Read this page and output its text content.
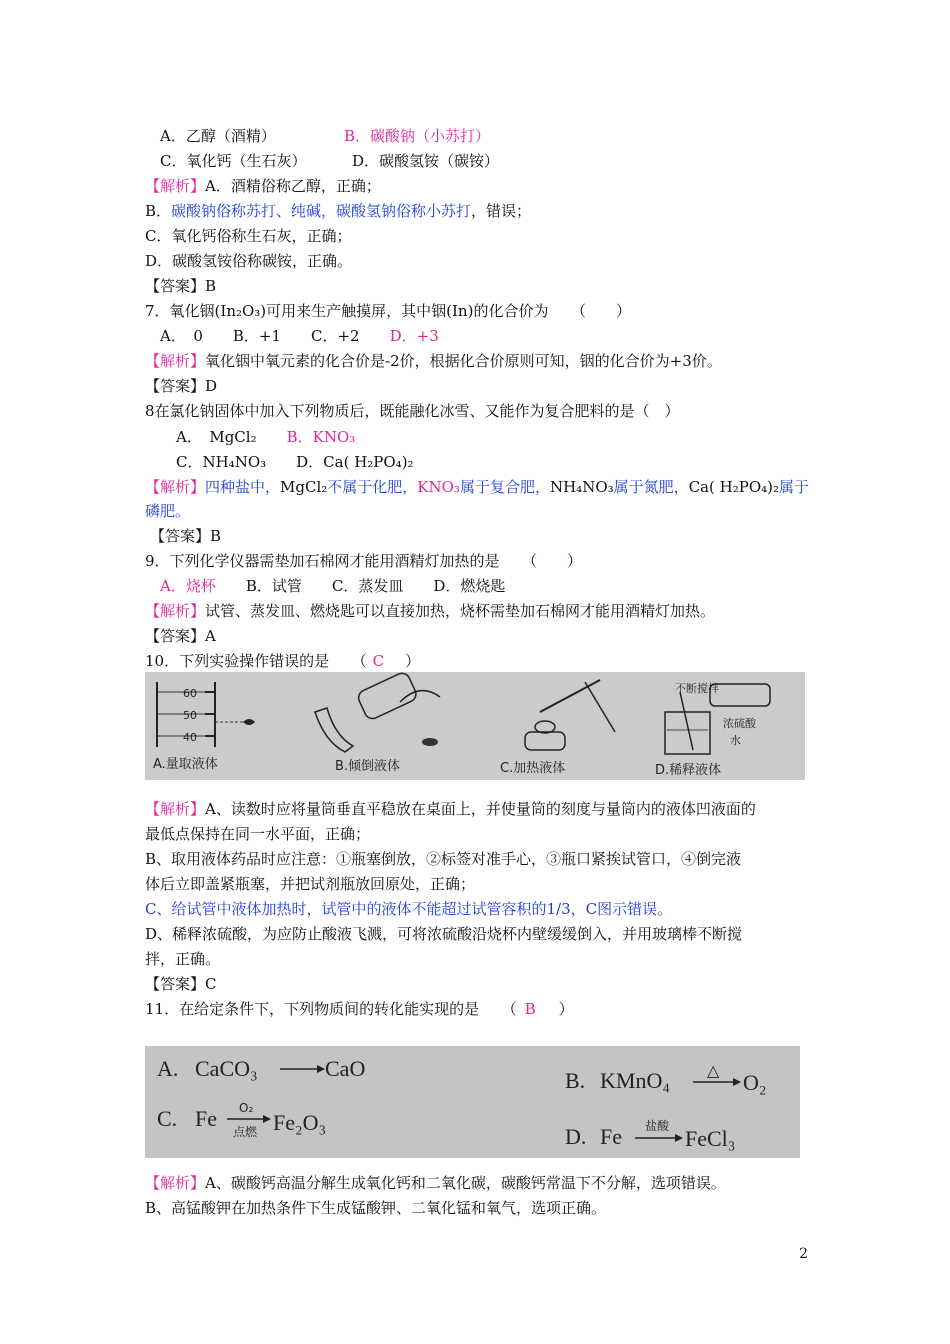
A．乙醇（酒精）	B．碳酸钠（小苏打）
C．氧化钙（生石灰）	D．碳酸氢铵（碳铵）
【解析】A．酒精俗称乙醇，正确；
B．碳酸钠俗称苏打、纯碱，碳酸氢钠俗称小苏打，错误；
C．氧化钙俗称生石灰，正确；
D．碳酸氢铵俗称碳铵，正确。
【答案】B
7．氧化铟(In₂O₃)可用来生产触摸屏，其中铟(In)的化合价为　　（　　）
A．　0　　B．+1　　C．+2　　D．+3
【解析】氧化铟中氧元素的化合价是-2价，根据化合价原则可知，铟的化合价为+3价。
【答案】D
8在氯化钠固体中加入下列物质后，既能融化冰雪、又能作为复合肥料的是（　）
A．　MgCl₂　　B．KNO₃
C．NH₄NO₃　　D．Ca( H₂PO₄)₂
【解析】四种盐中，MgCl₂不属于化肥，KNO₃属于复合肥，NH₄NO₃属于氮肥，Ca( H₂PO₄)₂属于
磷肥。
【答案】B
9．下列化学仪器需垫加石棉网才能用酒精灯加热的是　　（　　）
A．烧杯　　B．试管　　C．蒸发皿　　D．燃烧匙
【解析】试管、蒸发皿、燃烧匙可以直接加热，烧杯需垫加石棉网才能用酒精灯加热。
【答案】A
10．下列实验操作错误的是　　（ C　）
60
50
40
不断搅拌
浓硫酸
水
A.量取液体	B.倾倒液体	C.加热液体	D.稀释液体
【解析】A、读数时应将量筒垂直平稳放在桌面上，并使量筒的刻度与量筒内的液体凹液面的
最低点保持在同一水平面，正确；
B、取用液体药品时应注意：①瓶塞倒放，②标签对准手心，③瓶口紧挨试管口，④倒完液
体后立即盖紧瓶塞，并把试剂瓶放回原处，正确；
C、给试管中液体加热时，试管中的液体不能超过试管容积的1/3，C图示错误。
D、稀释浓硫酸，为应防止酸液飞溅，可将浓硫酸沿烧杯内壁缓缓倒入，并用玻璃棒不断搅
拌，正确。
【答案】C
11．在给定条件下，下列物质间的转化能实现的是　　（ B　）
A. CaCO₃	CaO
C. Fe	Fe₂O₃
B. KMnO₄	O₂
D. Fe	FeCl₃
O₂
点燃
△
盐酸
【解析】A、碳酸钙高温分解生成氧化钙和二氧化碳，碳酸钙常温下不分解，选项错误。
B、高锰酸钾在加热条件下生成锰酸钾、二氧化锰和氧气，选项正确。
2
